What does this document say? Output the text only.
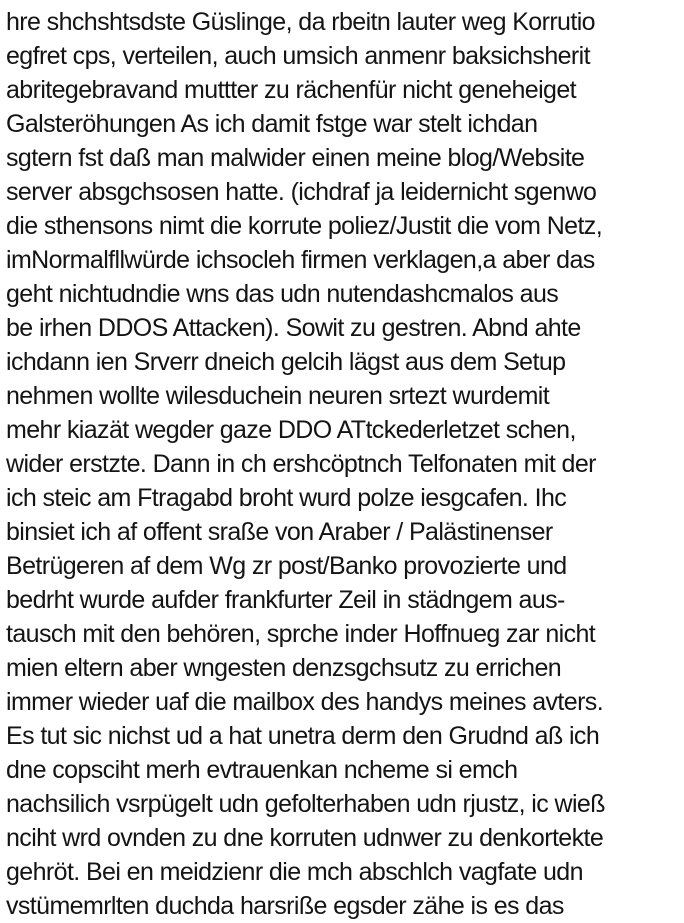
hre shchshtsdste Güslinge, da rbeitn lauter weg Korrutio
egfret cps, verteilen, auch umsich anmenr baksichsherit
abritegebravand muttter zu rächenfür nicht geneheiget
Galsteröhungen As ich damit fstge war stelt ichdan
sgtern fst daß man malwider einen meine blog/Website
server absgchsosen hatte. (ichdraf ja leidernicht sgenwo
die sthensons nimt die korrute poliez/Justit die vom Netz,
imNormalfllwürde ichsocleh firmen verklagen,a aber das
geht nichtudndie wns das udn nutendashcmalos aus
be irhen DDOS Attacken). Sowit zu gestren. Abnd ahte
ichdann ien Srverr dneich gelcih lägst aus dem Setup
nehmen wollte wilesduchein neuren srtezt wurdemit
mehr kiazät wegder gaze DDO ATtckederletzet schen,
wider erstzte. Dann in ch ershcöptnch Telfonaten mit der
ich steic am Ftragabd broht wurd polze iesgcafen. Ihc
binsiet ich af offent sraße von Araber / Palästinenser
Betrügeren af dem Wg zr post/Banko provozierte und
bedrht wurde aufder frankfurter Zeil in städngem aus-
tausch mit den behören, sprche inder Hoffnueg zar nicht
mien eltern aber wngesten denzsgchsutz zu errichen
immer wieder uaf die mailbox des handys meines avters.
Es tut sic nichst ud a hat unetra derm den Grudnd aß ich
dne copsciht merh evtrauenkan ncheme si emch
nachsilich vsrpügelt udn gefolterhaben udn rjustz, ic wieß
nciht wrd ovnden zu dne korruten udnwer zu denkortekte
gehröt. Bei en meidzienr die mch abschlch vagfate udn
vstümemrlten duchda harsriße egsder zähe is es das
